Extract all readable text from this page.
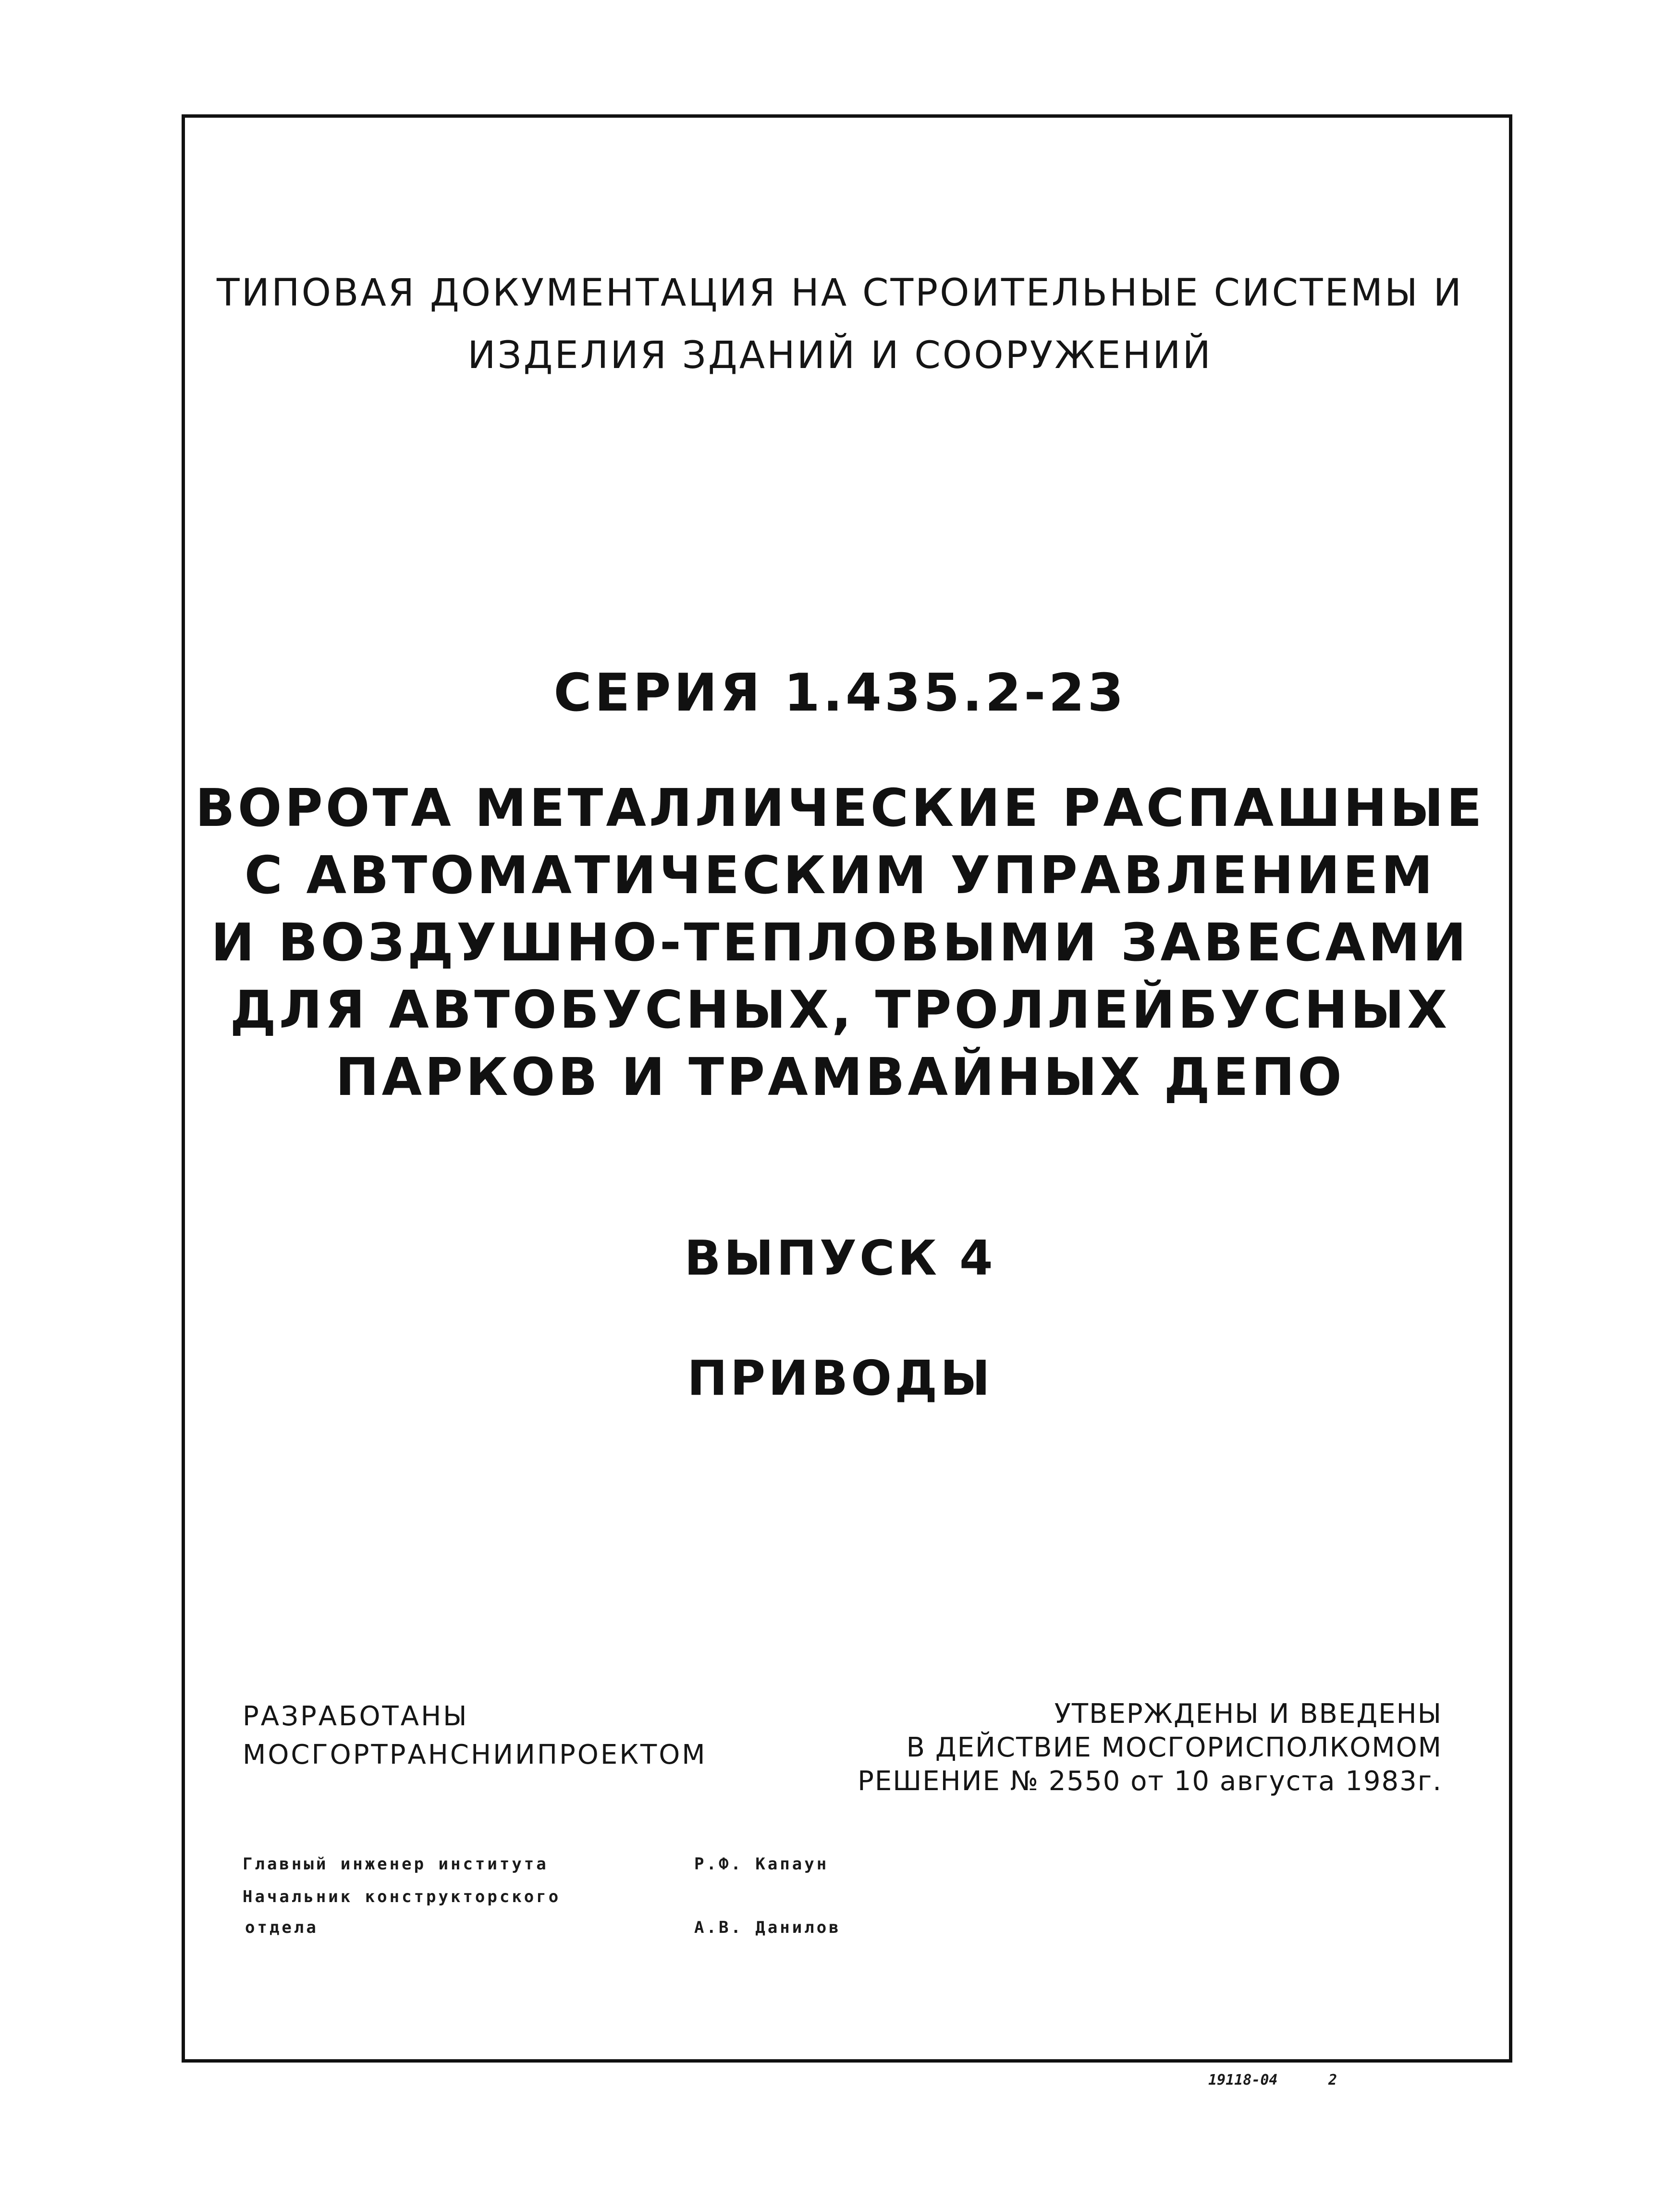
ТИПОВАЯ ДОКУМЕНТАЦИЯ НА СТРОИТЕЛЬНЫЕ СИСТЕМЫ И
ИЗДЕЛИЯ ЗДАНИЙ И СООРУЖЕНИЙ
СЕРИЯ 1.435.2-23
ВОРОТА МЕТАЛЛИЧЕСКИЕ РАСПАШНЫЕ
С АВТОМАТИЧЕСКИМ УПРАВЛЕНИЕМ
И ВОЗДУШНО-ТЕПЛОВЫМИ ЗАВЕСАМИ
ДЛЯ АВТОБУСНЫХ, ТРОЛЛЕЙБУСНЫХ
ПАРКОВ И ТРАМВАЙНЫХ ДЕПО
ВЫПУСК 4
ПРИВОДЫ
РАЗРАБОТАНЫ
МОСГОРТРАНСНИИПРОЕКТОМ
УТВЕРЖДЕНЫ И ВВЕДЕНЫ
В ДЕЙСТВИЕ МОСГОРИСПОЛКОМОМ
РЕШЕНИЕ № 2550 от 10 августа 1983г.
Главный инженер института	Р.Ф. Капаун
Начальник конструкторского
отдела	А.В. Данилов
19118-04	2
